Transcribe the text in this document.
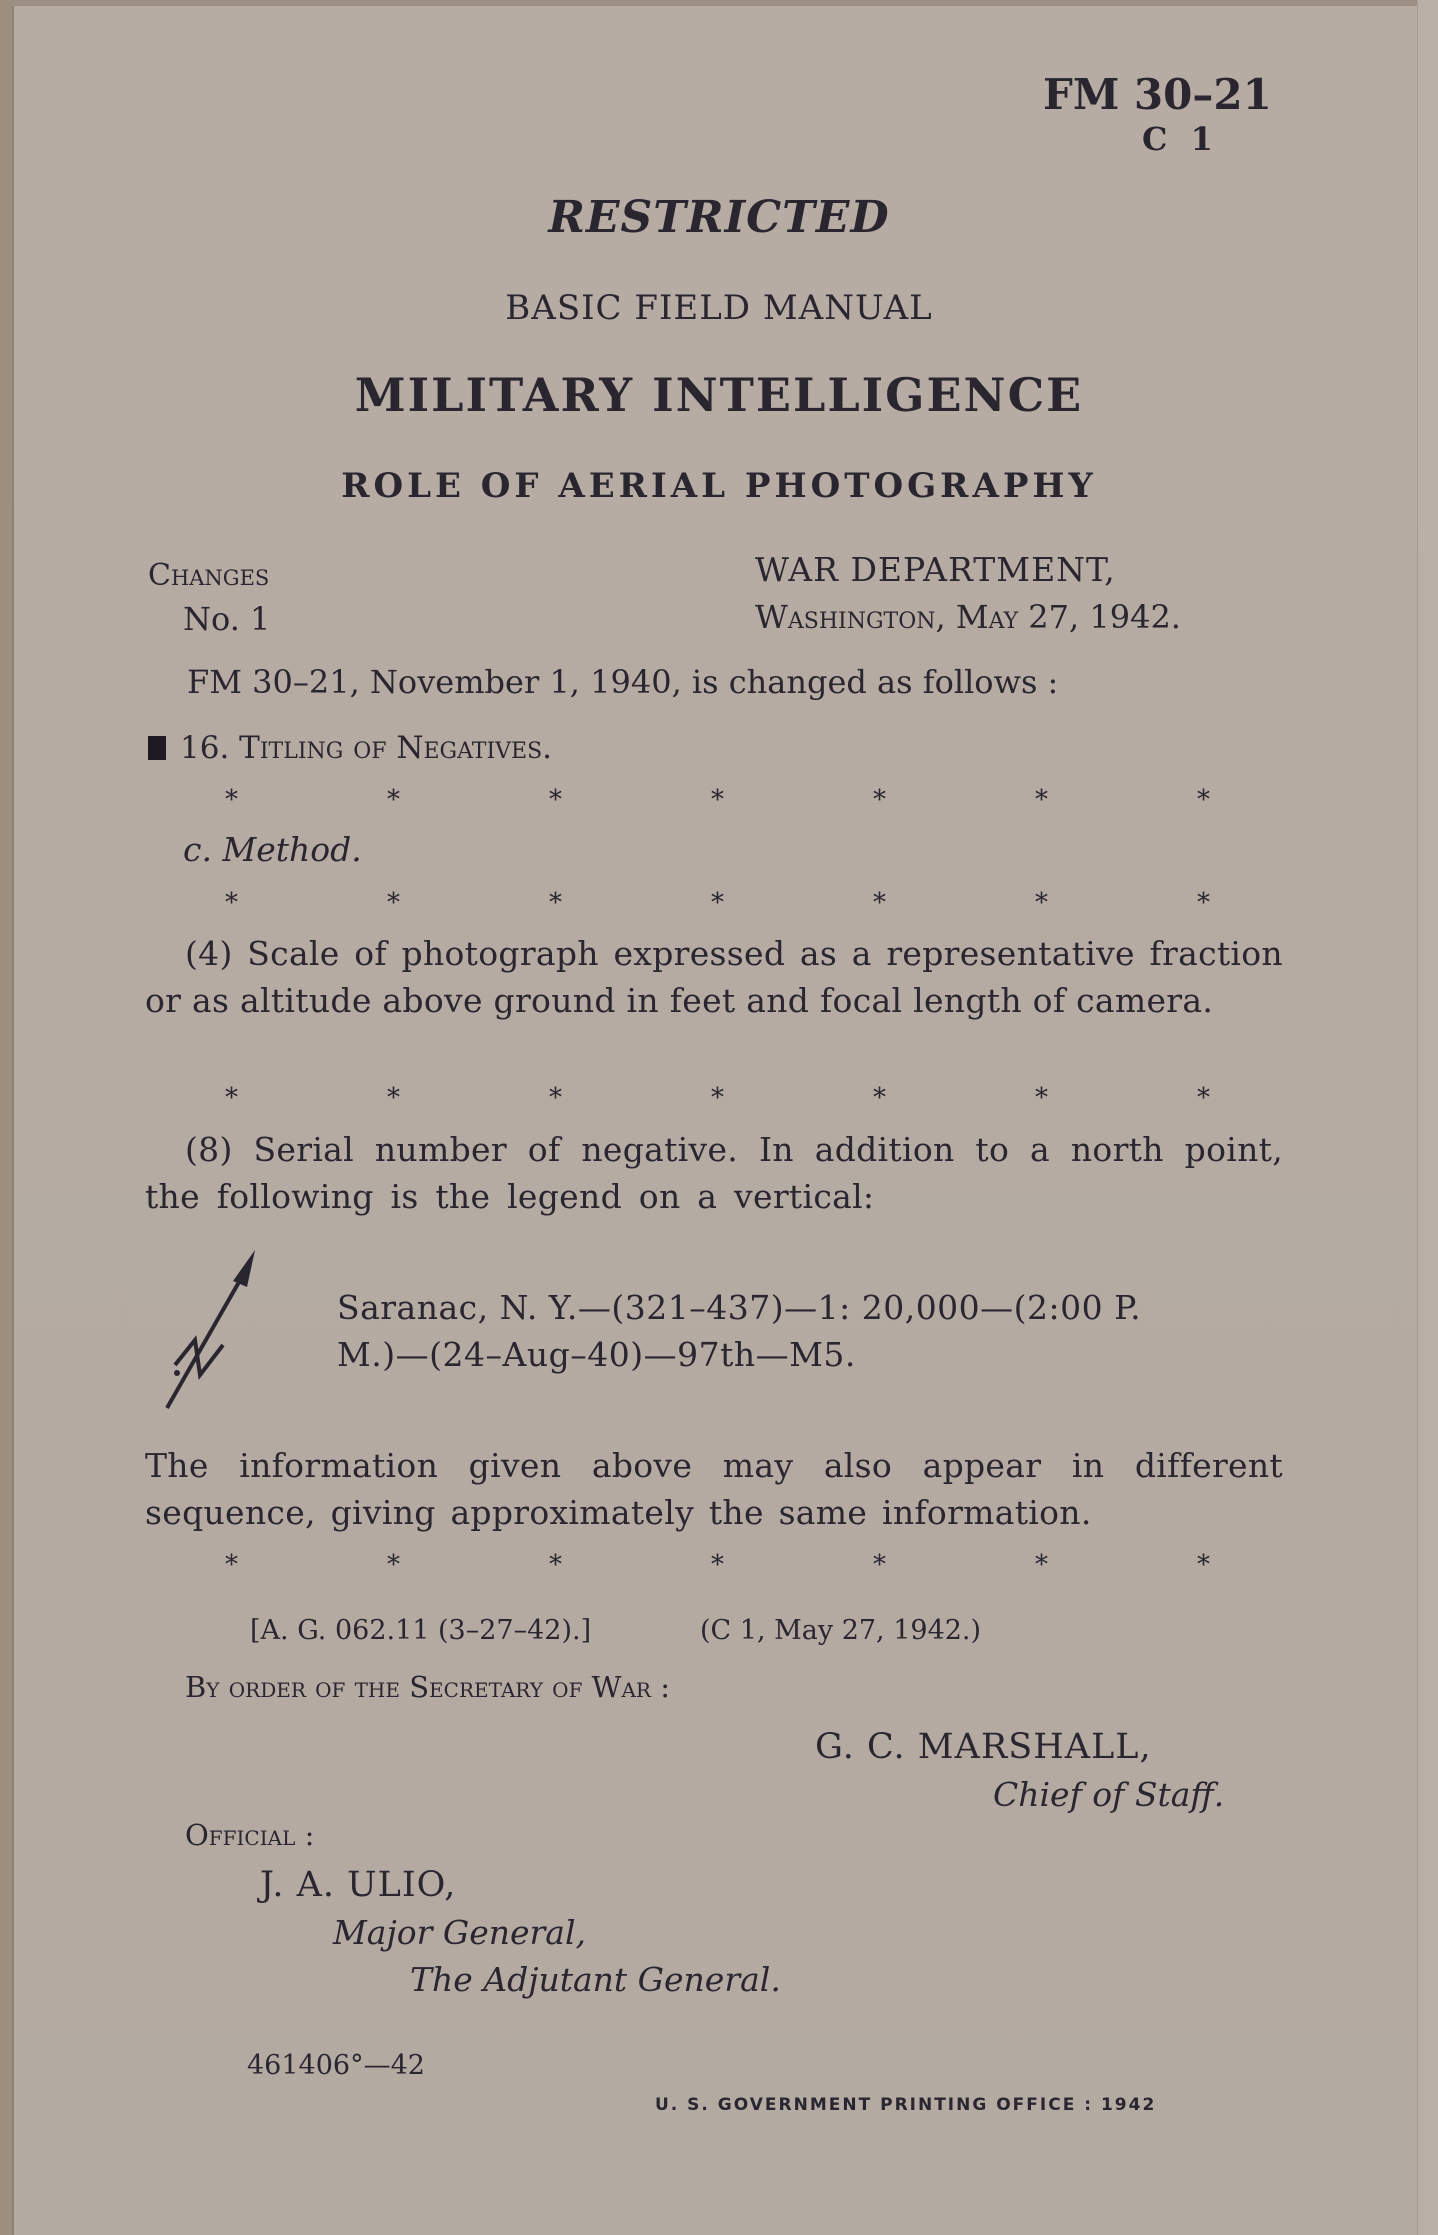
FM 30–21
C 1
RESTRICTED
BASIC FIELD MANUAL
MILITARY INTELLIGENCE
ROLE OF AERIAL PHOTOGRAPHY
Changes
No. 1
WAR DEPARTMENT,
Washington, May 27, 1942.
FM 30–21, November 1, 1940, is changed as follows :
16. Titling of Negatives.
*	*	*	*	*	*	*
c. Method.
*	*	*	*	*	*	*
(4) Scale of photograph expressed as a representative fraction or as altitude above ground in feet and focal length of camera.
*	*	*	*	*	*	*
(8) Serial number of negative. In addition to a north point, the following is the legend on a vertical:
Saranac, N. Y.—(321–437)—1: 20,000—(2:00 P.
M.)—(24–Aug–40)—97th—M5.
The information given above may also appear in different sequence, giving approximately the same information.
*	*	*	*	*	*	*
[A. G. 062.11 (3–27–42).]	(C 1, May 27, 1942.)
By order of the Secretary of War :
G. C. MARSHALL,
Chief of Staff.
Official :
J. A. ULIO,
Major General,
The Adjutant General.
461406°—42
U. S. GOVERNMENT PRINTING OFFICE : 1942
